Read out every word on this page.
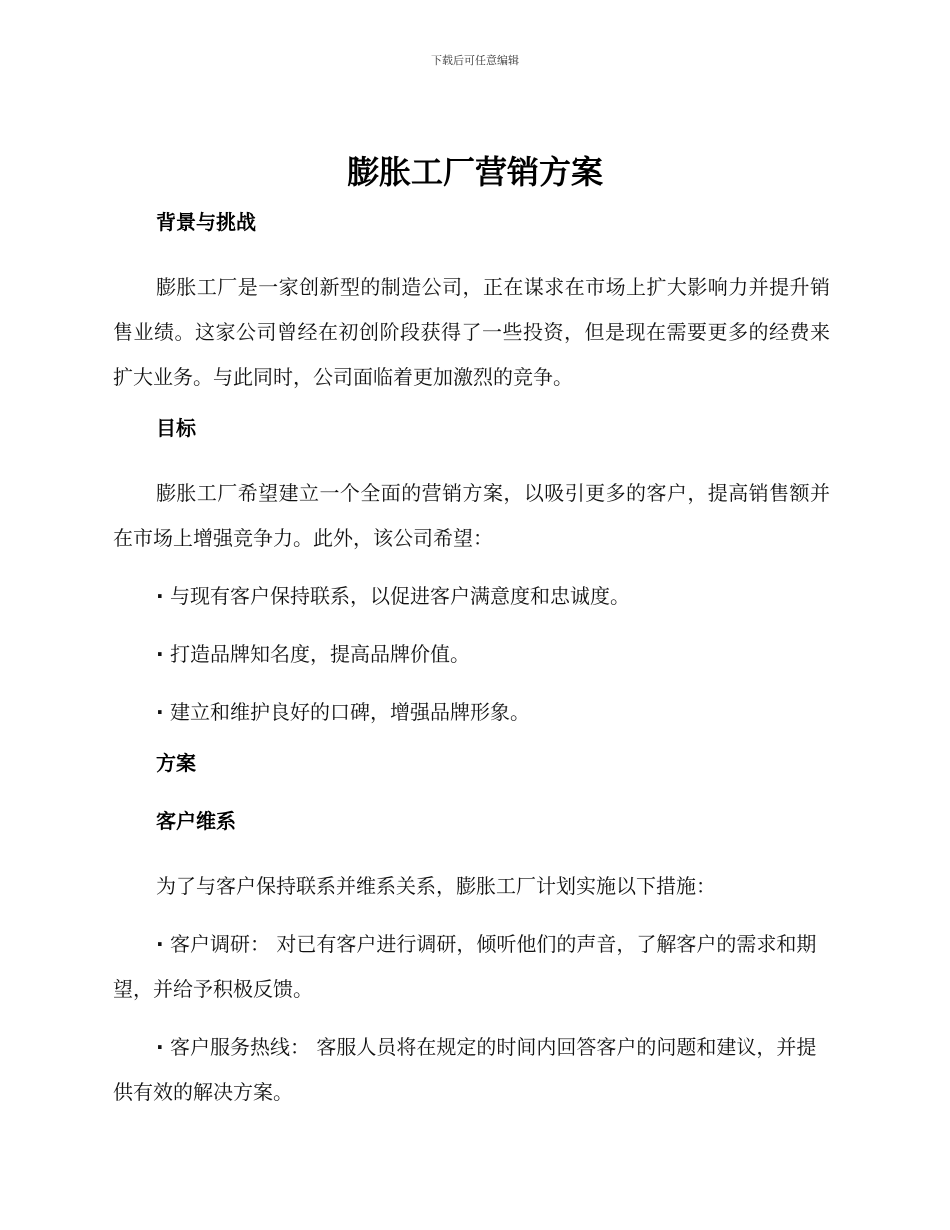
下载后可任意编辑
膨胀工厂营销方案
背景与挑战

膨胀工厂是一家创新型的制造公司，正在谋求在市场上扩大影响力并提升销售业绩。这家公司曾经在初创阶段获得了一些投资，但是现在需要更多的经费来扩大业务。与此同时，公司面临着更加激烈的竞争。

目标

膨胀工厂希望建立一个全面的营销方案，以吸引更多的客户，提高销售额并在市场上增强竞争力。此外，该公司希望：

· 与现有客户保持联系，以促进客户满意度和忠诚度。

· 打造品牌知名度，提高品牌价值。

· 建立和维护良好的口碑，增强品牌形象。

方案
客户维系

为了与客户保持联系并维系关系，膨胀工厂计划实施以下措施：

· 客户调研： 对已有客户进行调研，倾听他们的声音，了解客户的需求和期望，并给予积极反馈。

· 客户服务热线： 客服人员将在规定的时间内回答客户的问题和建议，并提供有效的解决方案。
